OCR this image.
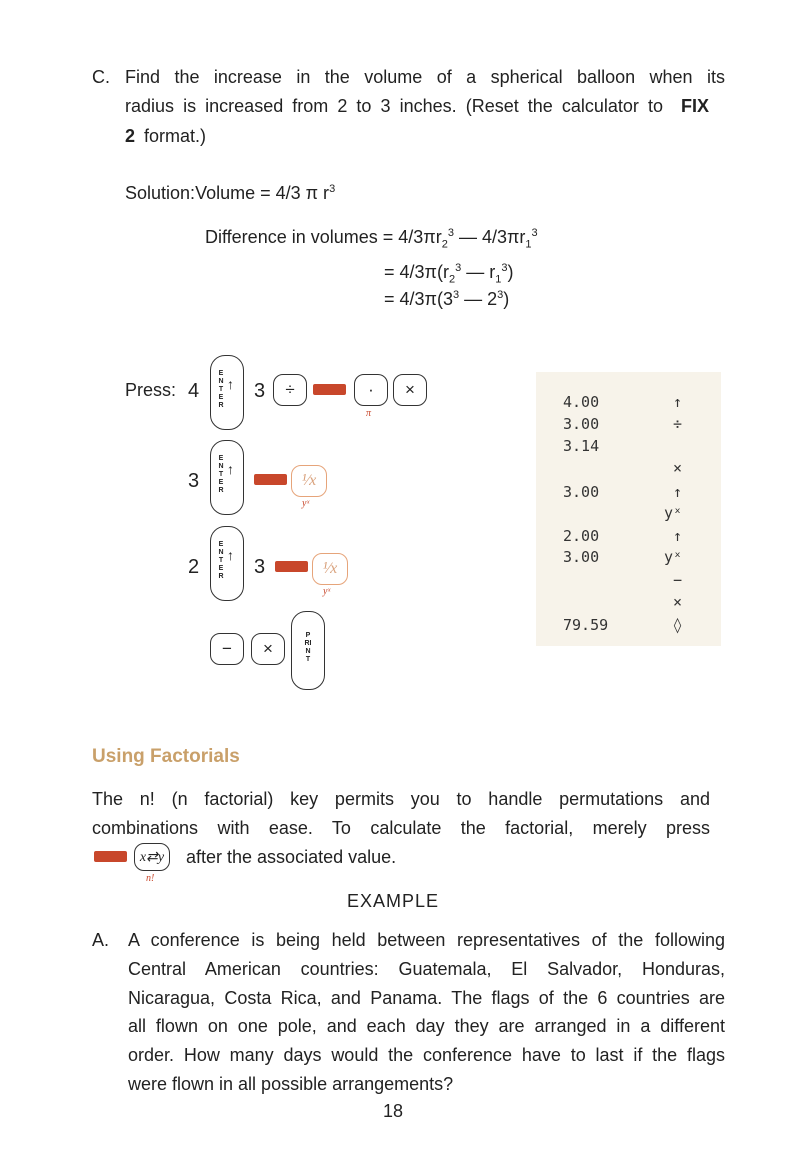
C. Find the increase in the volume of a spherical balloon when its
radius is increased from 2 to 3 inches. (Reset the calculator to FIX
2 format.)
Solution:Volume = 4/3 π $r^3$
Difference in volumes = $4/3\pi r_2^3$ — $4/3\pi r_1^3$
= $4/3\pi(r_2^3$ — $r_1^3$)
= $4/3\pi(3^3$ — $2^3$)
Press: 4
ENTER
↑ 3	÷	·
π
×
3
ENTER
↑
¹⁄x
yˣ
2
ENTER
↑
3	¹⁄x
yˣ
−	×
PRINT
4.00	↑
3.00	÷
3.14
×
3.00	↑
yˣ
2.00	↑
3.00	yˣ
−
×
79.59	◊
Using Factorials
The n! (n factorial) key permits you to handle permutations and
combinations with ease. To calculate the factorial, merely press
x⇄y
n!
after the associated value.
EXAMPLE
A. A conference is being held between representatives of the following
Central American countries: Guatemala, El Salvador, Honduras,
Nicaragua, Costa Rica, and Panama. The flags of the 6 countries are
all flown on one pole, and each day they are arranged in a different
order. How many days would the conference have to last if the flags
were flown in all possible arrangements?
18
